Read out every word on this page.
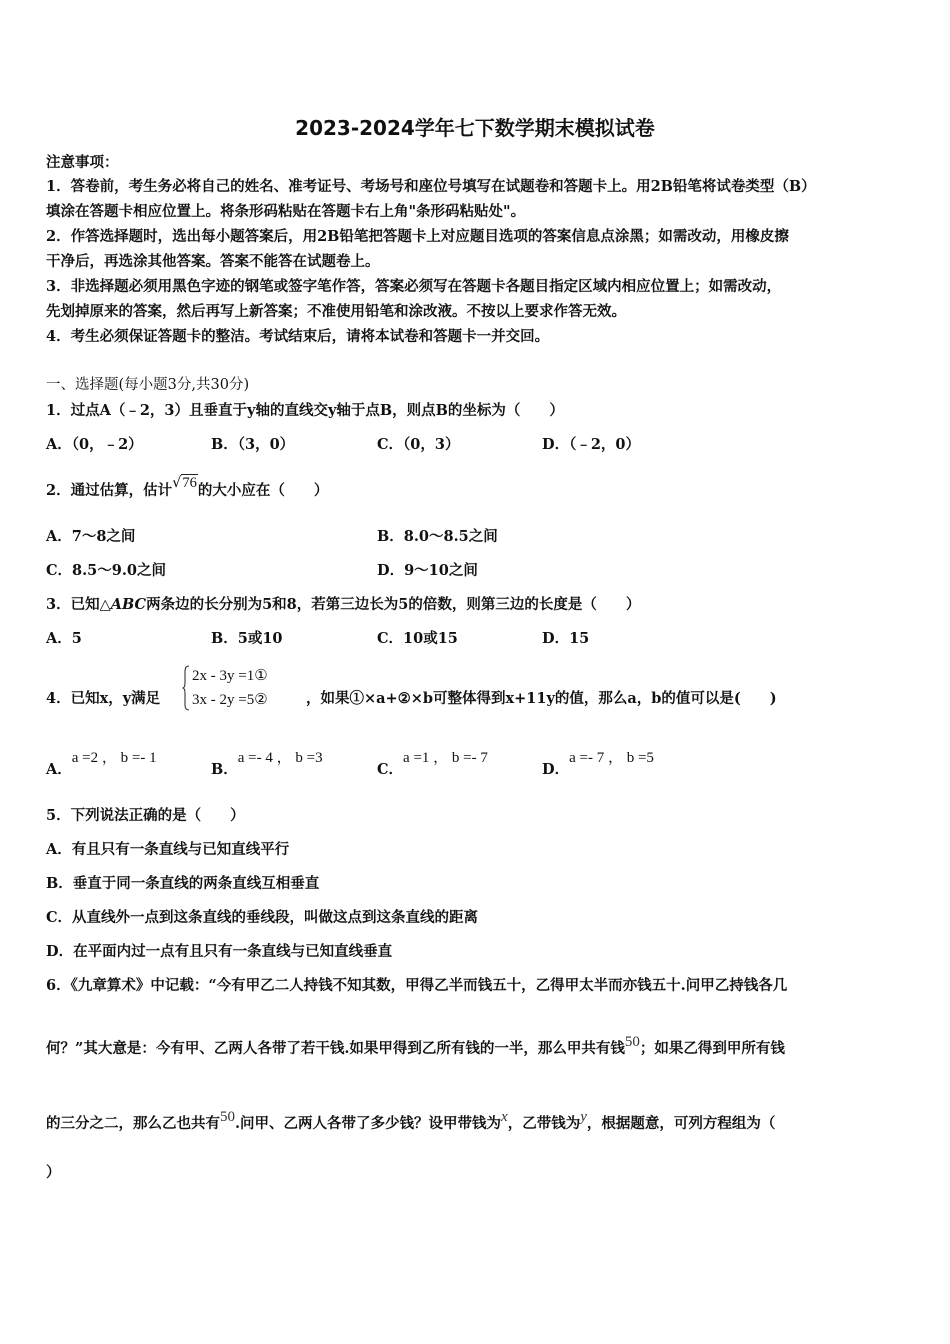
2023-2024学年七下数学期末模拟试卷
注意事项：
1．答卷前，考生务必将自己的姓名、准考证号、考场号和座位号填写在试题卷和答题卡上。用2B铅笔将试卷类型（B）
填涂在答题卡相应位置上。将条形码粘贴在答题卡右上角"条形码粘贴处"。
2．作答选择题时，选出每小题答案后，用2B铅笔把答题卡上对应题目选项的答案信息点涂黑；如需改动，用橡皮擦
干净后，再选涂其他答案。答案不能答在试题卷上。
3．非选择题必须用黑色字迹的钢笔或签字笔作答，答案必须写在答题卡各题目指定区域内相应位置上；如需改动，
先划掉原来的答案，然后再写上新答案；不准使用铅笔和涂改液。不按以上要求作答无效。
4．考生必须保证答题卡的整洁。考试结束后，请将本试卷和答题卡一并交回。
一、选择题(每小题3分,共30分)
1．过点A（﹣2，3）且垂直于y轴的直线交y轴于点B，则点B的坐标为（　　）
A．（0，﹣2）	B．（3，0）	C．（0，3）	D．（﹣2，0）
2．通过估算，估计√76的大小应在（　　）
A．7～8之间	B．8.0～8.5之间
C．8.5～9.0之间	D．9～10之间
3．已知△ABC两条边的长分别为5和8，若第三边长为5的倍数，则第三边的长度是（　　）
A．5	B．5或10	C．10或15	D．15
4．已知x，y满足
2x - 3y =1①
3x - 2y =5②	，如果①×a+②×b可整体得到x+11y的值，那么a，b的值可以是(　　)
A．a =2 ， b =- 1
B．a =- 4 ， b =3
C．a =1 ， b =- 7
D．a =- 7 ， b =5
5．下列说法正确的是（　　）
A．有且只有一条直线与已知直线平行
B．垂直于同一条直线的两条直线互相垂直
C．从直线外一点到这条直线的垂线段，叫做这点到这条直线的距离
D．在平面内过一点有且只有一条直线与已知直线垂直
6．《九章算术》中记载：“今有甲乙二人持钱不知其数，甲得乙半而钱五十，乙得甲太半而亦钱五十.问甲乙持钱各几
何？”其大意是：今有甲、乙两人各带了若干钱.如果甲得到乙所有钱的一半，那么甲共有钱50；如果乙得到甲所有钱
的三分之二，那么乙也共有50.问甲、乙两人各带了多少钱？设甲带钱为x，乙带钱为y，根据题意，可列方程组为（
）
